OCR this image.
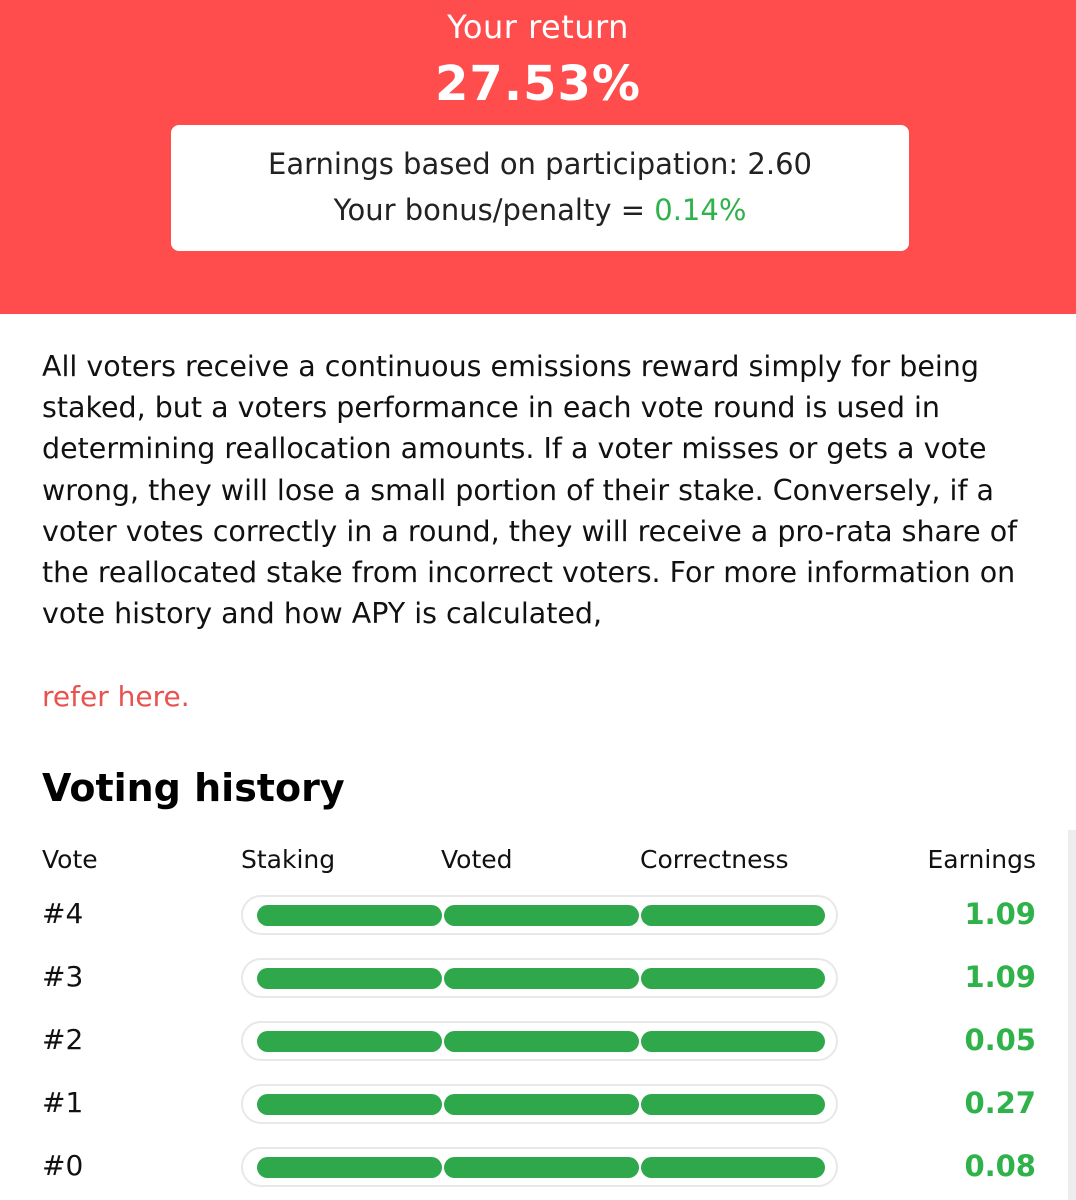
Your return
27.53%
Earnings based on participation: 2.60
Your bonus/penalty = 0.14%

All voters receive a continuous emissions reward simply for being staked, but a voters performance in each vote round is used in determining reallocation amounts. If a voter misses or gets a vote wrong, they will lose a small portion of their stake. Conversely, if a voter votes correctly in a round, they will receive a pro-rata share of the reallocated stake from incorrect voters. For more information on vote history and how APY is calculated,

refer here.
Voting history
Vote	Staking	Voted	Correctness	Earnings
#4	1.09
#3	1.09
#2	0.05
#1	0.27
#0	0.08
